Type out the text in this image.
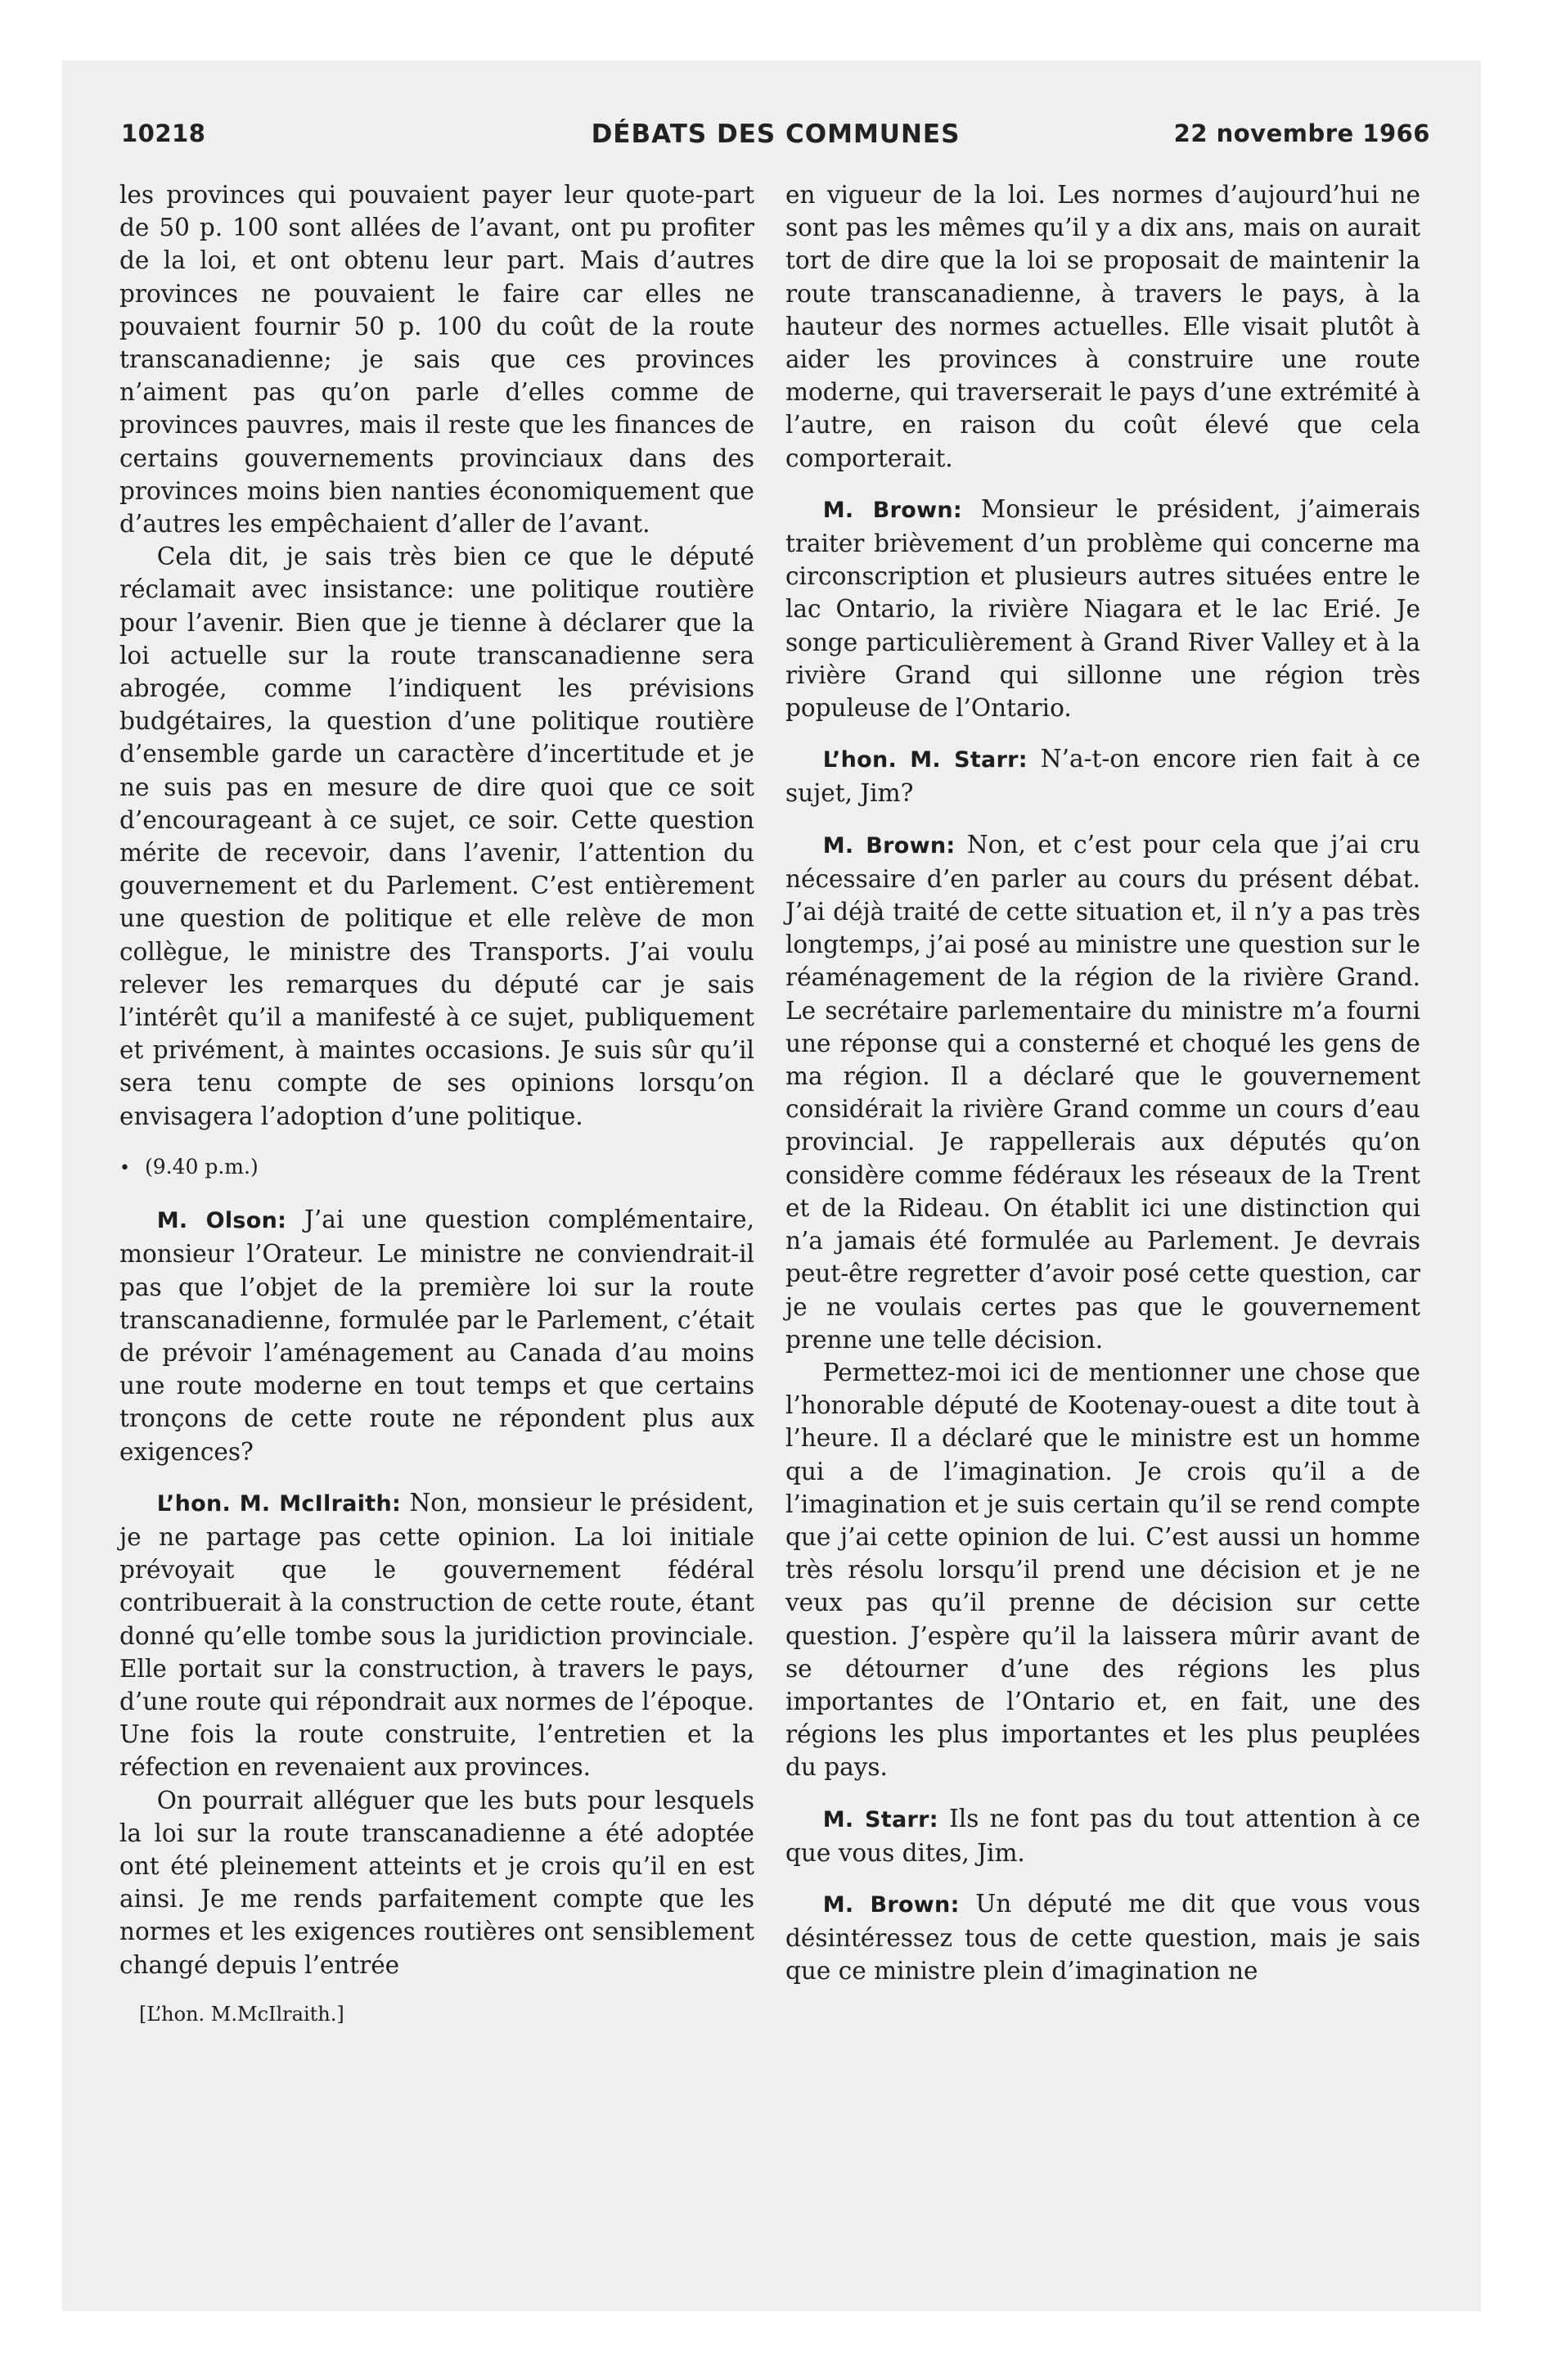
10218	DÉBATS DES COMMUNES	22 novembre 1966

les provinces qui pouvaient payer leur quote-part de 50 p. 100 sont allées de l’avant, ont pu profiter de la loi, et ont obtenu leur part. Mais d’autres provinces ne pouvaient le faire car elles ne pouvaient fournir 50 p. 100 du coût de la route transcanadienne; je sais que ces provinces n’aiment pas qu’on parle d’elles comme de provinces pauvres, mais il reste que les finances de certains gouvernements provinciaux dans des provinces moins bien nanties économiquement que d’autres les empêchaient d’aller de l’avant.

Cela dit, je sais très bien ce que le député réclamait avec insistance: une politique routière pour l’avenir. Bien que je tienne à déclarer que la loi actuelle sur la route transcanadienne sera abrogée, comme l’indiquent les prévisions budgétaires, la question d’une politique routière d’ensemble garde un caractère d’incertitude et je ne suis pas en mesure de dire quoi que ce soit d’encourageant à ce sujet, ce soir. Cette question mérite de recevoir, dans l’avenir, l’attention du gouvernement et du Parlement. C’est entièrement une question de politique et elle relève de mon collègue, le ministre des Transports. J’ai voulu relever les remarques du député car je sais l’intérêt qu’il a manifesté à ce sujet, publiquement et privément, à maintes occasions. Je suis sûr qu’il sera tenu compte de ses opinions lorsqu’on envisagera l’adoption d’une politique.

• (9.40 p.m.)

M. Olson: J’ai une question complémentaire, monsieur l’Orateur. Le ministre ne conviendrait-il pas que l’objet de la première loi sur la route transcanadienne, formulée par le Parlement, c’était de prévoir l’aménagement au Canada d’au moins une route moderne en tout temps et que certains tronçons de cette route ne répondent plus aux exigences?

L’hon. M. McIlraith: Non, monsieur le président, je ne partage pas cette opinion. La loi initiale prévoyait que le gouvernement fédéral contribuerait à la construction de cette route, étant donné qu’elle tombe sous la juridiction provinciale. Elle portait sur la construction, à travers le pays, d’une route qui répondrait aux normes de l’époque. Une fois la route construite, l’entretien et la réfection en revenaient aux provinces.

On pourrait alléguer que les buts pour lesquels la loi sur la route transcanadienne a été adoptée ont été pleinement atteints et je crois qu’il en est ainsi. Je me rends parfaitement compte que les normes et les exigences routières ont sensiblement changé depuis l’entrée

[L’hon. M.McIlraith.]

en vigueur de la loi. Les normes d’aujourd’hui ne sont pas les mêmes qu’il y a dix ans, mais on aurait tort de dire que la loi se proposait de maintenir la route transcanadienne, à travers le pays, à la hauteur des normes actuelles. Elle visait plutôt à aider les provinces à construire une route moderne, qui traverserait le pays d’une extrémité à l’autre, en raison du coût élevé que cela comporterait.

M. Brown: Monsieur le président, j’aimerais traiter brièvement d’un problème qui concerne ma circonscription et plusieurs autres situées entre le lac Ontario, la rivière Niagara et le lac Erié. Je songe particulièrement à Grand River Valley et à la rivière Grand qui sillonne une région très populeuse de l’Ontario.

L’hon. M. Starr: N’a-t-on encore rien fait à ce sujet, Jim?

M. Brown: Non, et c’est pour cela que j’ai cru nécessaire d’en parler au cours du présent débat. J’ai déjà traité de cette situation et, il n’y a pas très longtemps, j’ai posé au ministre une question sur le réaménagement de la région de la rivière Grand. Le secrétaire parlementaire du ministre m’a fourni une réponse qui a consterné et choqué les gens de ma région. Il a déclaré que le gouvernement considérait la rivière Grand comme un cours d’eau provincial. Je rappellerais aux députés qu’on considère comme fédéraux les réseaux de la Trent et de la Rideau. On établit ici une distinction qui n’a jamais été formulée au Parlement. Je devrais peut-être regretter d’avoir posé cette question, car je ne voulais certes pas que le gouvernement prenne une telle décision.

Permettez-moi ici de mentionner une chose que l’honorable député de Kootenay-ouest a dite tout à l’heure. Il a déclaré que le ministre est un homme qui a de l’imagination. Je crois qu’il a de l’imagination et je suis certain qu’il se rend compte que j’ai cette opinion de lui. C’est aussi un homme très résolu lorsqu’il prend une décision et je ne veux pas qu’il prenne de décision sur cette question. J’espère qu’il la laissera mûrir avant de se détourner d’une des régions les plus importantes de l’Ontario et, en fait, une des régions les plus importantes et les plus peuplées du pays.

M. Starr: Ils ne font pas du tout attention à ce que vous dites, Jim.

M. Brown: Un député me dit que vous vous désintéressez tous de cette question, mais je sais que ce ministre plein d’imagination ne
